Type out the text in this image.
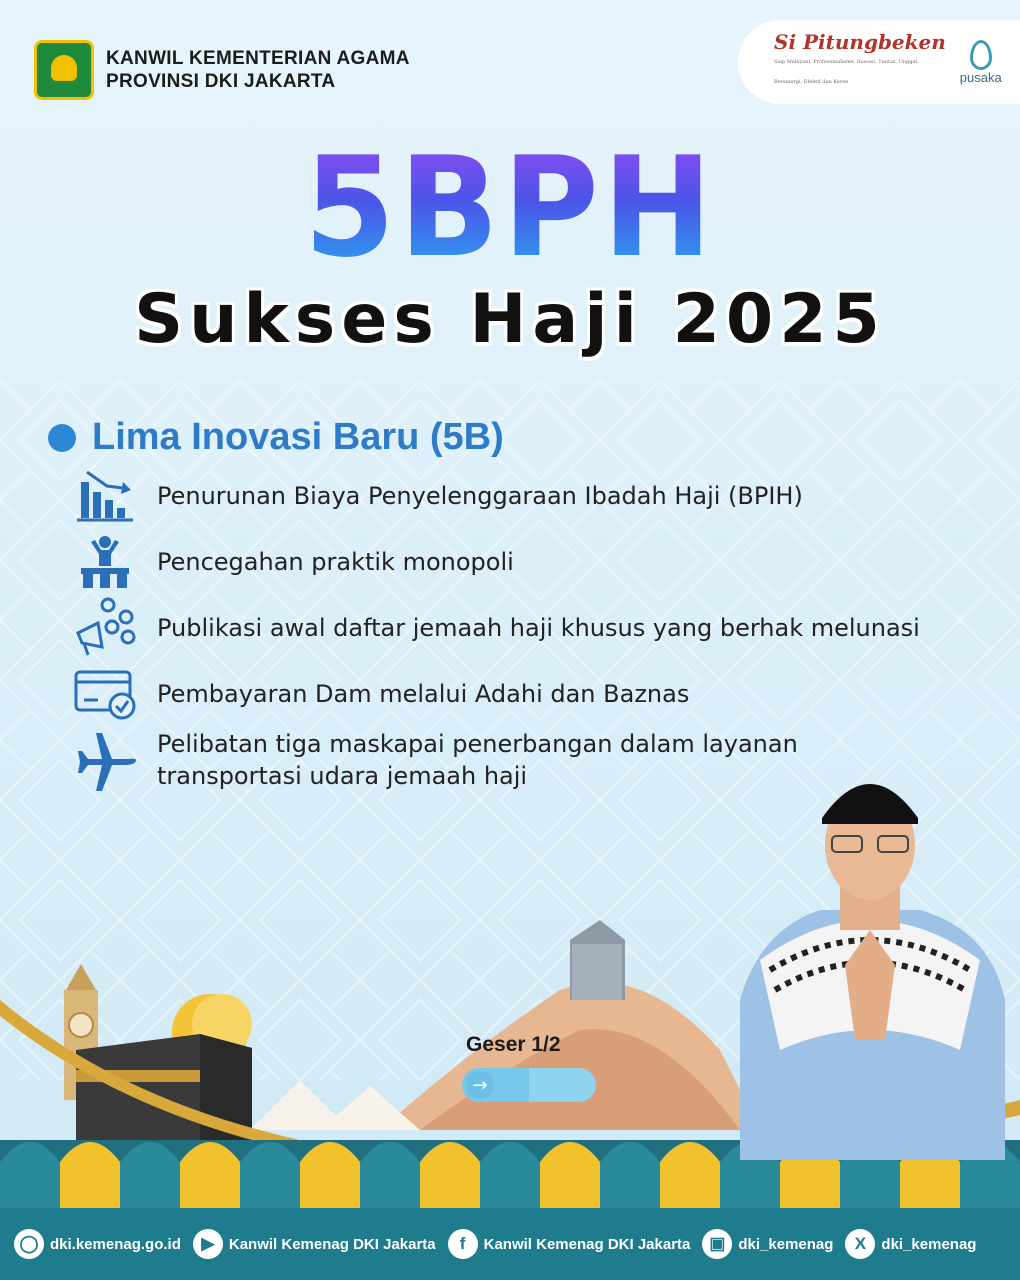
KANWIL KEMENTERIAN AGAMA
PROVINSI DKI JAKARTA
Si Pitungbeken
Siap Melayani, Profesionalisme, Inovasi, Tuntas, Unggul, Bersinergi, Efektif dan Keren	pusaka
5BPH
Sukses Haji 2025
Lima Inovasi Baru (5B)
Penurunan Biaya Penyelenggaraan Ibadah Haji (BPIH)
Pencegahan praktik monopoli
Publikasi awal daftar jemaah haji khusus yang berhak melunasi
Pembayaran Dam melalui Adahi dan Baznas
Pelibatan tiga maskapai penerbangan dalam layanan transportasi udara jemaah haji
Geser 1/2
→
◯ dki.kemenag.go.id	▶ Kanwil Kemenag DKI Jakarta	f	Kanwil Kemenag DKI Jakarta	▣ dki_kemenag	X	dki_kemenag
